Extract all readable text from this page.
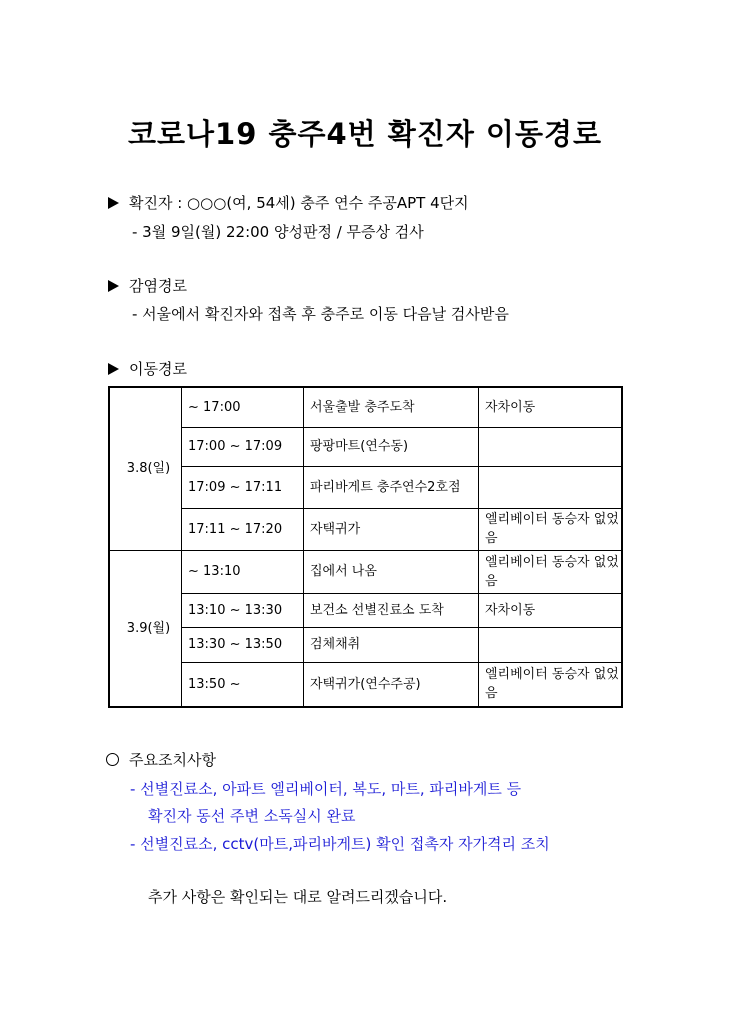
코로나19 충주4번 확진자 이동경로
확진자 : ○○○(여, 54세) 충주 연수 주공APT 4단지
- 3월 9일(월) 22:00 양성판정 / 무증상 검사
감염경로
- 서울에서 확진자와 접촉 후 충주로 이동 다음날 검사받음
이동경로
3.8(일)	~ 17:00	서울출발 충주도착	자차이동
	17:00 ~ 17:09	팡팡마트(연수동)	
	17:09 ~ 17:11	파리바게트 충주연수2호점	
	17:11 ~ 17:20	자택귀가	엘리베이터 동승자 없었음
3.9(월)	~ 13:10	집에서 나옴	엘리베이터 동승자 없었음
	13:10 ~ 13:30	보건소 선별진료소 도착	자차이동
	13:30 ~ 13:50	검체채취	
	13:50 ~	자택귀가(연수주공)	엘리베이터 동승자 없었음
주요조치사항
- 선별진료소, 아파트 엘리베이터, 복도, 마트, 파리바게트 등
확진자 동선 주변 소독실시 완료
- 선별진료소, cctv(마트,파리바게트) 확인 접촉자 자가격리 조치
추가 사항은 확인되는 대로 알려드리겠습니다.
